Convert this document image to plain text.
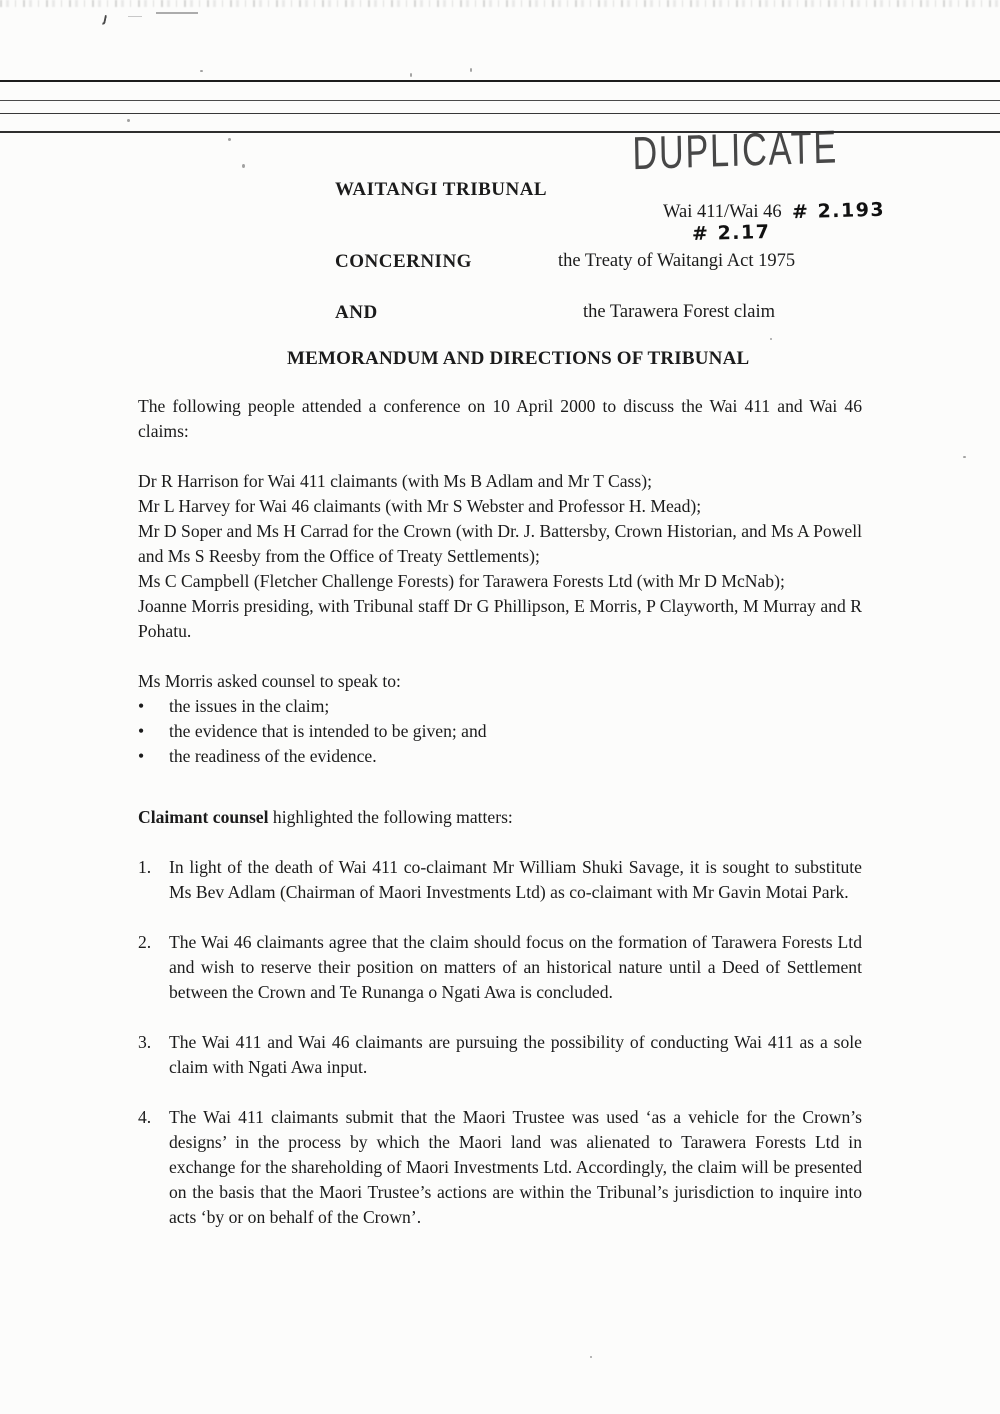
DUPLICATE
WAITANGI TRIBUNAL
Wai 411/Wai 46 # 2.193
# 2.17
CONCERNING	the Treaty of Waitangi Act 1975
AND	the Tarawera Forest claim
MEMORANDUM AND DIRECTIONS OF TRIBUNAL

The following people attended a conference on 10 April 2000 to discuss the Wai 411 and Wai 46 claims:

Dr R Harrison for Wai 411 claimants (with Ms B Adlam and Mr T Cass);

Mr L Harvey for Wai 46 claimants (with Mr S Webster and Professor H. Mead);

Mr D Soper and Ms H Carrad for the Crown (with Dr. J. Battersby, Crown Historian, and Ms A Powell and Ms S Reesby from the Office of Treaty Settlements);

Ms C Campbell (Fletcher Challenge Forests) for Tarawera Forests Ltd (with Mr D McNab);

Joanne Morris presiding, with Tribunal staff Dr G Phillipson, E Morris, P Clayworth, M Murray and R Pohatu.

Ms Morris asked counsel to speak to:

•	the issues in the claim;
•	the evidence that is intended to be given; and
•	the readiness of the evidence.

Claimant counsel highlighted the following matters:

1.	In light of the death of Wai 411 co-claimant Mr William Shuki Savage, it is sought to substitute Ms Bev Adlam (Chairman of Maori Investments Ltd) as co-claimant with Mr Gavin Motai Park.
2.	The Wai 46 claimants agree that the claim should focus on the formation of Tarawera Forests Ltd and wish to reserve their position on matters of an historical nature until a Deed of Settlement between the Crown and Te Runanga o Ngati Awa is concluded.
3.	The Wai 411 and Wai 46 claimants are pursuing the possibility of conducting Wai 411 as a sole claim with Ngati Awa input.
4.	The Wai 411 claimants submit that the Maori Trustee was used ‘as a vehicle for the Crown’s designs’ in the process by which the Maori land was alienated to Tarawera Forests Ltd in exchange for the shareholding of Maori Investments Ltd. Accordingly, the claim will be presented on the basis that the Maori Trustee’s actions are within the Tribunal’s jurisdiction to inquire into acts ‘by or on behalf of the Crown’.
